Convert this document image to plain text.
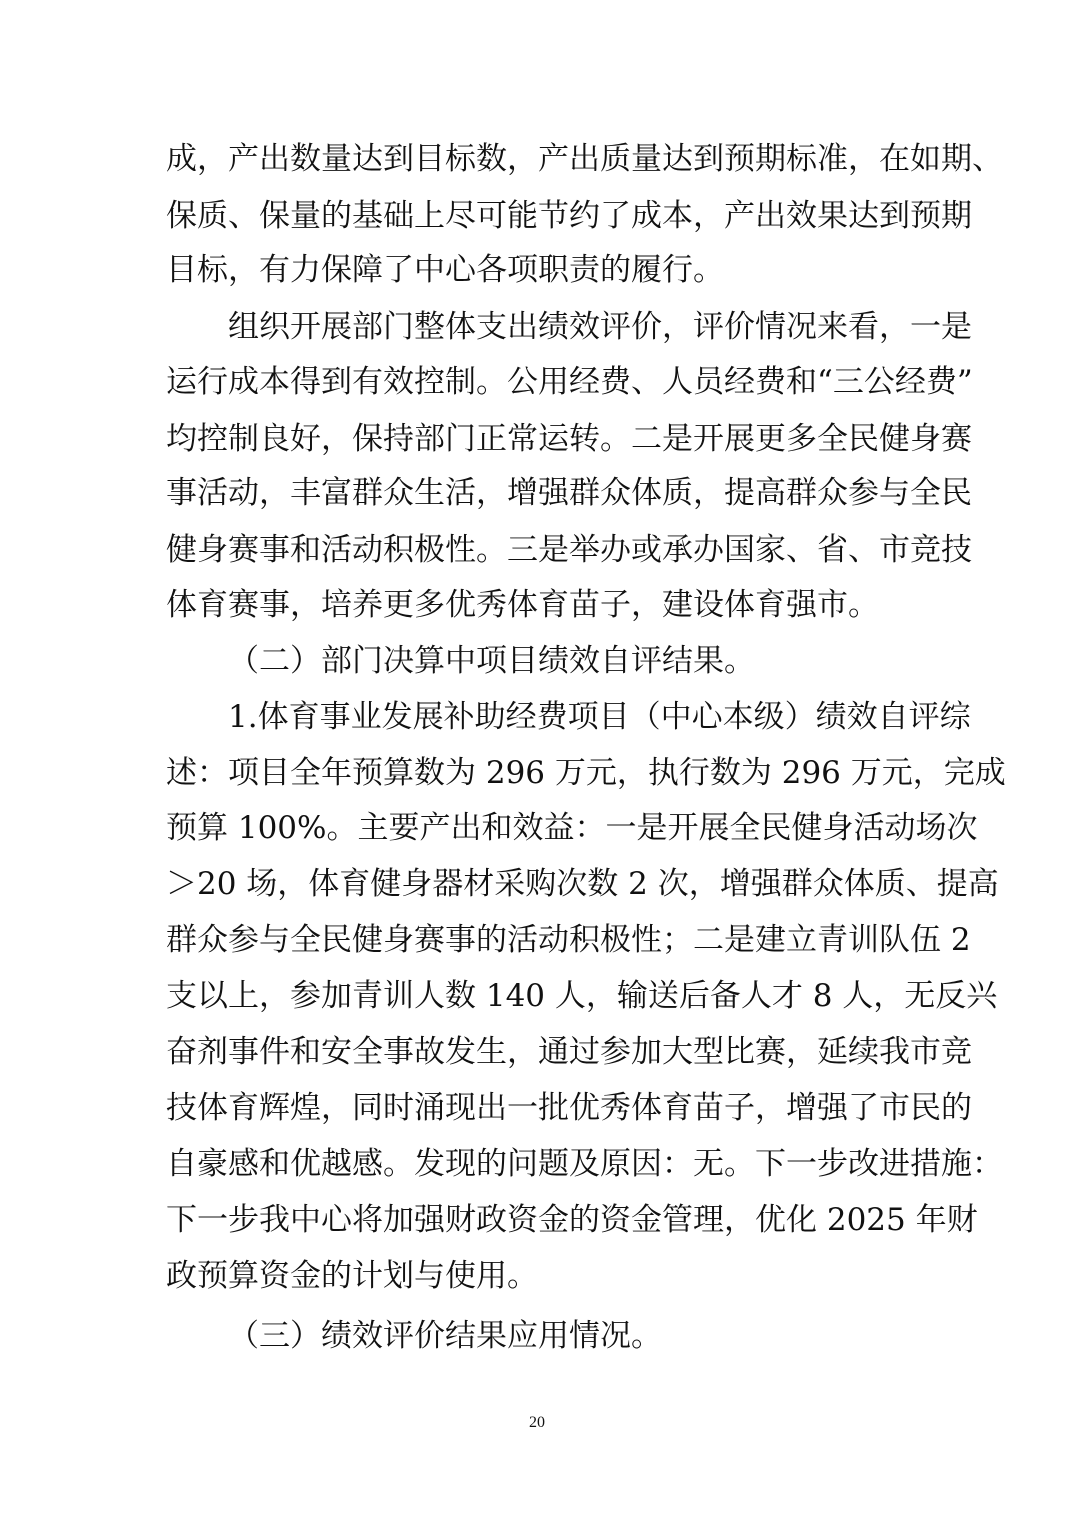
成，产出数量达到目标数，产出质量达到预期标准，在如期、
保质、保量的基础上尽可能节约了成本，产出效果达到预期
目标，有力保障了中心各项职责的履行。
组织开展部门整体支出绩效评价，评价情况来看，一是
运行成本得到有效控制。公用经费、人员经费和“三公经费”
均控制良好，保持部门正常运转。二是开展更多全民健身赛
事活动，丰富群众生活，增强群众体质，提高群众参与全民
健身赛事和活动积极性。三是举办或承办国家、省、市竞技
体育赛事，培养更多优秀体育苗子，建设体育强市。
（二）部门决算中项目绩效自评结果。
1.体育事业发展补助经费项目（中心本级）绩效自评综
述：项目全年预算数为 296 万元，执行数为 296 万元，完成
预算 100%。主要产出和效益：一是开展全民健身活动场次
＞20 场，体育健身器材采购次数 2 次，增强群众体质、提高
群众参与全民健身赛事的活动积极性；二是建立青训队伍 2
支以上，参加青训人数 140 人，输送后备人才 8 人，无反兴
奋剂事件和安全事故发生，通过参加大型比赛，延续我市竞
技体育辉煌，同时涌现出一批优秀体育苗子，增强了市民的
自豪感和优越感。发现的问题及原因：无。下一步改进措施：
下一步我中心将加强财政资金的资金管理，优化 2025 年财
政预算资金的计划与使用。
（三）绩效评价结果应用情况。
20
